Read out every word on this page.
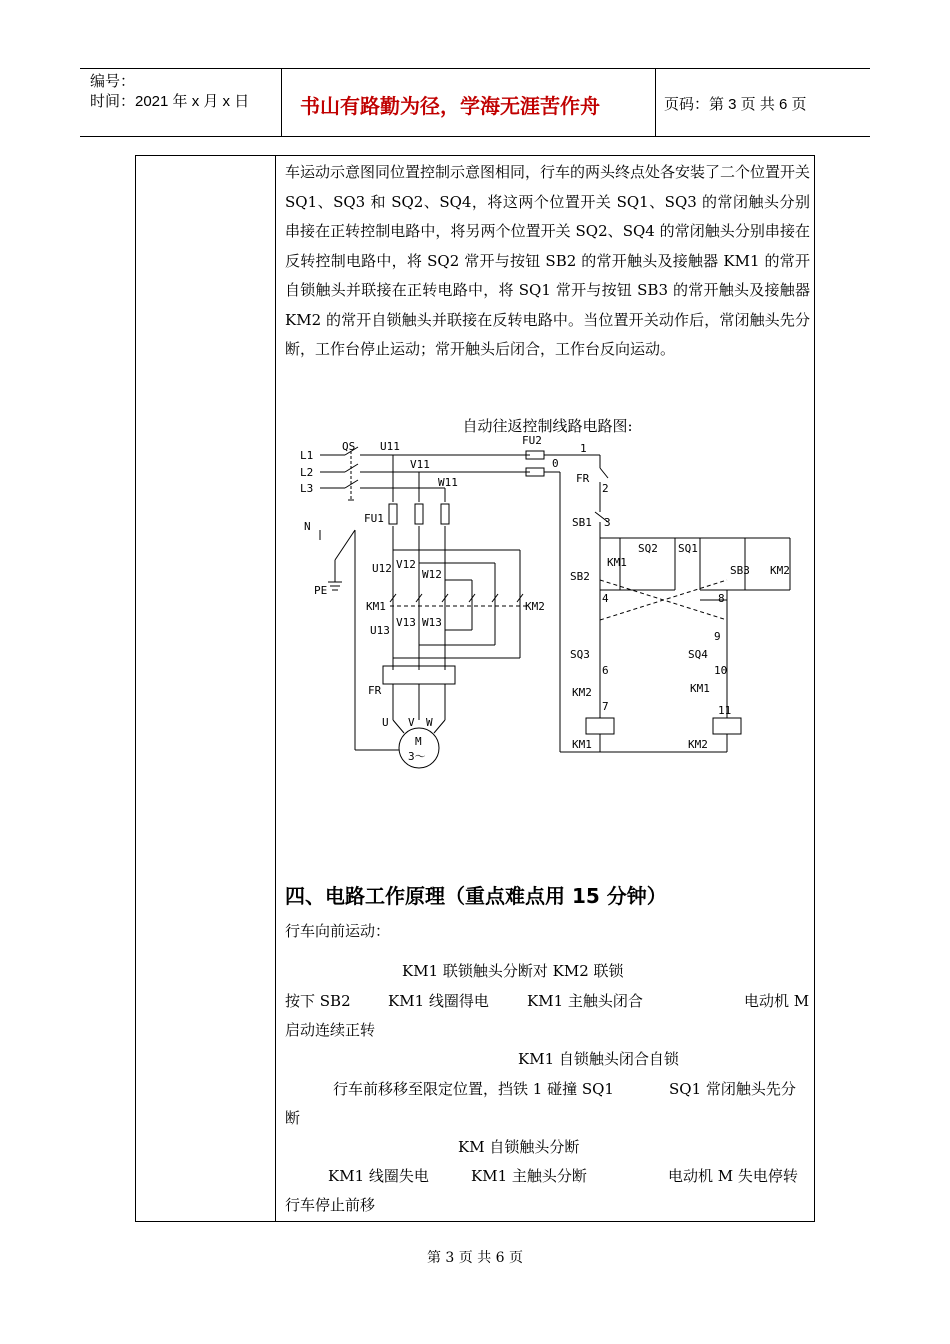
编号：
时间：2021 年 x 月 x 日	书山有路勤为径，学海无涯苦作舟	页码：第 3 页 共 6 页
车运动示意图同位置控制示意图相同，行车的两头终点处各安装了二个位置开关 SQ1、SQ3 和 SQ2、SQ4，将这两个位置开关 SQ1、SQ3 的常闭触头分别串接在正转控制电路中，将另两个位置开关 SQ2、SQ4 的常闭触头分别串接在反转控制电路中，将 SQ2 常开与按钮 SB2 的常开触头及接触器 KM1 的常开自锁触头并联接在正转电路中，将 SQ1 常开与按钮 SB3 的常开触头及接触器 KM2 的常开自锁触头并联接在反转电路中。当位置开关动作后，常闭触头先分断，工作台停止运动；常开触头后闭合，工作台反向运动。
自动往返控制线路电路图:
L1
L2
L3
N
PE
QS U11
V11
W11
FU1
FU2
0
1
FR
2
SB1 3
U12 V12
W12
KM1	KM2
U13
V13 W13
FR
U V W
M
3～
SB2
KM1
SQ2 SQ1
SB3 KM2
4	8
9
SQ3	SQ4
6	10
KM2	KM1
7	11
KM1	KM2
四、电路工作原理（重点难点用 15 分钟）
行车向前运动：
KM1 联锁触头分断对 KM2 联锁
按下 SB2 KM1 线圈得电	KM1 主触头闭合	电动机 M
启动连续正转
KM1 自锁触头闭合自锁
行车前移移至限定位置，挡铁 1 碰撞 SQ1	SQ1 常闭触头先分
断
KM 自锁触头分断
KM1 线圈失电	KM1 主触头分断	电动机 M 失电停转
行车停止前移
第 3 页 共 6 页
